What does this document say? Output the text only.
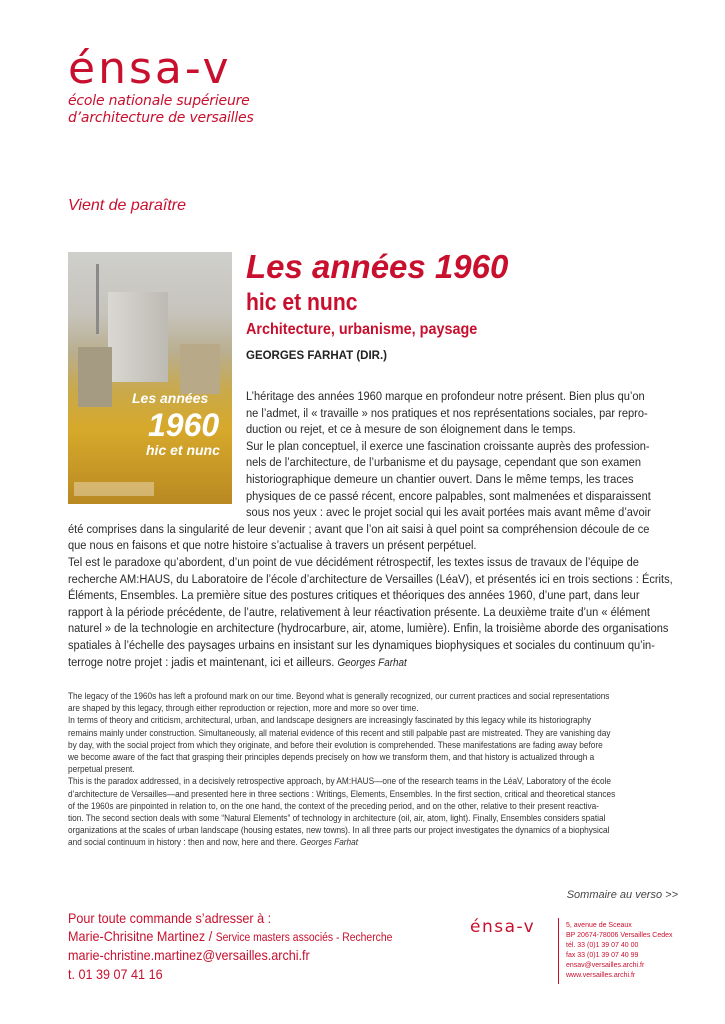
énsa-v
école nationale supérieure
d’architecture de versailles
Vient de paraître
Les années
1960
hic et nunc
Les années 1960
hic et nunc
Architecture, urbanisme, paysage
GEORGES FARHAT (DIR.)
L’héritage des années 1960 marque en profondeur notre présent. Bien plus qu’on
ne l’admet, il « travaille » nos pratiques et nos représentations sociales, par repro-
duction ou rejet, et ce à mesure de son éloignement dans le temps.
Sur le plan conceptuel, il exerce une fascination croissante auprès des profession-
nels de l’architecture, de l’urbanisme et du paysage, cependant que son examen
historiographique demeure un chantier ouvert. Dans le même temps, les traces
physiques de ce passé récent, encore palpables, sont malmenées et disparaissent
sous nos yeux : avec le projet social qui les avait portées mais avant même d’avoir
été comprises dans la singularité de leur devenir ; avant que l’on ait saisi à quel point sa compréhension découle de ce
que nous en faisons et que notre histoire s’actualise à travers un présent perpétuel.
Tel est le paradoxe qu’abordent, d’un point de vue décidément rétrospectif, les textes issus de travaux de l’équipe de
recherche AM:HAUS, du Laboratoire de l’école d’architecture de Versailles (LéaV), et présentés ici en trois sections : Écrits,
Éléments, Ensembles. La première situe des postures critiques et théoriques des années 1960, d’une part, dans leur
rapport à la période précédente, de l’autre, relativement à leur réactivation présente. La deuxième traite d’un « élément
naturel » de la technologie en architecture (hydrocarbure, air, atome, lumière). Enfin, la troisième aborde des organisations
spatiales à l’échelle des paysages urbains en insistant sur les dynamiques biophysiques et sociales du continuum qu’in-
terroge notre projet : jadis et maintenant, ici et ailleurs. Georges Farhat
The legacy of the 1960s has left a profound mark on our time. Beyond what is generally recognized, our current practices and social representations
are shaped by this legacy, through either reproduction or rejection, more and more so over time.
In terms of theory and criticism, architectural, urban, and landscape designers are increasingly fascinated by this legacy while its historiography
remains mainly under construction. Simultaneously, all material evidence of this recent and still palpable past are mistreated. They are vanishing day
by day, with the social project from which they originate, and before their evolution is comprehended. These manifestations are fading away before
we become aware of the fact that grasping their principles depends precisely on how we transform them, and that history is actualized through a
perpetual present.
This is the paradox addressed, in a decisively retrospective approach, by AM:HAUS—one of the research teams in the LéaV, Laboratory of the école
d’architecture de Versailles—and presented here in three sections : Writings, Elements, Ensembles. In the first section, critical and theoretical stances
of the 1960s are pinpointed in relation to, on the one hand, the context of the preceding period, and on the other, relative to their present reactiva-
tion. The second section deals with some “Natural Elements” of technology in architecture (oil, air, atom, light). Finally, Ensembles considers spatial
organizations at the scales of urban landscape (housing estates, new towns). In all three parts our project investigates the dynamics of a biophysical
and social continuum in history : then and now, here and there. Georges Farhat
Sommaire au verso >>
Pour toute commande s’adresser à :
Marie-Chrisitne Martinez / Service masters associés - Recherche
marie-christine.martinez@versailles.archi.fr
t. 01 39 07 41 16
énsa-v	5, avenue de Sceaux
BP 20674-78006 Versailles Cedex
tél. 33 (0)1 39 07 40 00
fax 33 (0)1 39 07 40 99
ensav@versailles.archi.fr
www.versailles.archi.fr
